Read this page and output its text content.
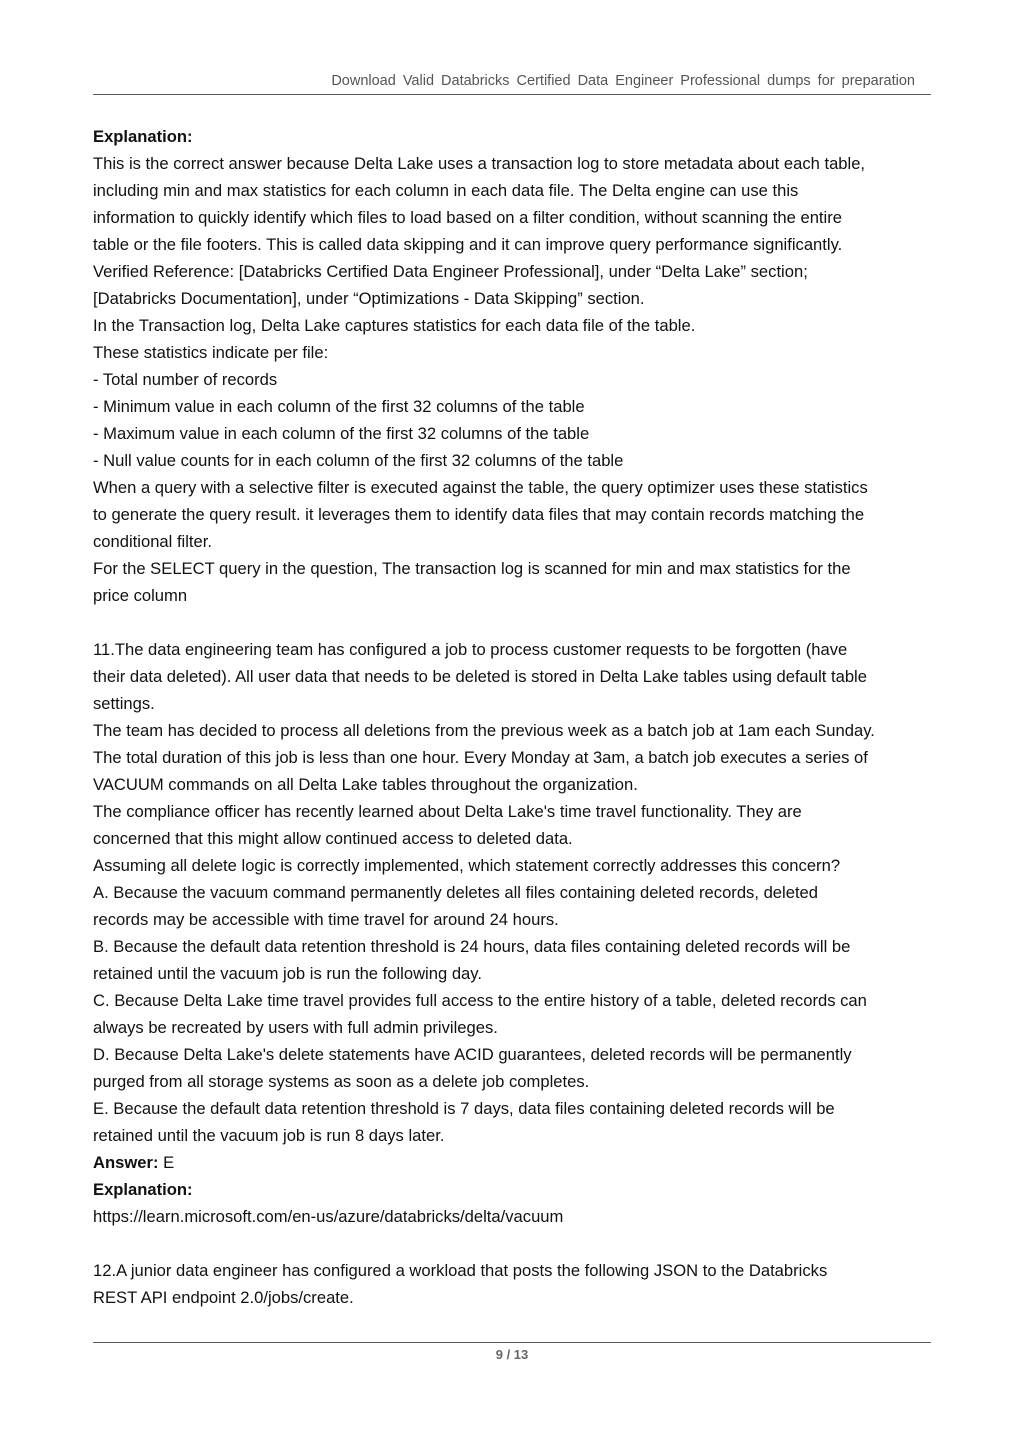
Download Valid Databricks Certified Data Engineer Professional dumps for preparation
Explanation:
This is the correct answer because Delta Lake uses a transaction log to store metadata about each table,
including min and max statistics for each column in each data file. The Delta engine can use this
information to quickly identify which files to load based on a filter condition, without scanning the entire
table or the file footers. This is called data skipping and it can improve query performance significantly.
Verified Reference: [Databricks Certified Data Engineer Professional], under “Delta Lake” section;
[Databricks Documentation], under “Optimizations - Data Skipping” section.
In the Transaction log, Delta Lake captures statistics for each data file of the table.
These statistics indicate per file:
- Total number of records
- Minimum value in each column of the first 32 columns of the table
- Maximum value in each column of the first 32 columns of the table
- Null value counts for in each column of the first 32 columns of the table
When a query with a selective filter is executed against the table, the query optimizer uses these statistics
to generate the query result. it leverages them to identify data files that may contain records matching the
conditional filter.
For the SELECT query in the question, The transaction log is scanned for min and max statistics for the
price column
11.The data engineering team has configured a job to process customer requests to be forgotten (have
their data deleted). All user data that needs to be deleted is stored in Delta Lake tables using default table
settings.
The team has decided to process all deletions from the previous week as a batch job at 1am each Sunday.
The total duration of this job is less than one hour. Every Monday at 3am, a batch job executes a series of
VACUUM commands on all Delta Lake tables throughout the organization.
The compliance officer has recently learned about Delta Lake's time travel functionality. They are
concerned that this might allow continued access to deleted data.
Assuming all delete logic is correctly implemented, which statement correctly addresses this concern?
A. Because the vacuum command permanently deletes all files containing deleted records, deleted
records may be accessible with time travel for around 24 hours.
B. Because the default data retention threshold is 24 hours, data files containing deleted records will be
retained until the vacuum job is run the following day.
C. Because Delta Lake time travel provides full access to the entire history of a table, deleted records can
always be recreated by users with full admin privileges.
D. Because Delta Lake's delete statements have ACID guarantees, deleted records will be permanently
purged from all storage systems as soon as a delete job completes.
E. Because the default data retention threshold is 7 days, data files containing deleted records will be
retained until the vacuum job is run 8 days later.
Answer: E
Explanation:
https://learn.microsoft.com/en-us/azure/databricks/delta/vacuum
12.A junior data engineer has configured a workload that posts the following JSON to the Databricks
REST API endpoint 2.0/jobs/create.
9 / 13
